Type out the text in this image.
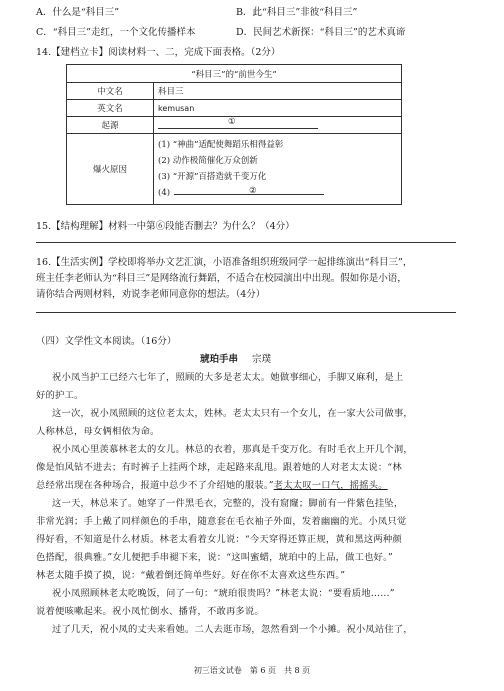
A．什么是“科目三”	B．此“科目三”非彼“科目三”
C．“科目三”走红，一个文化传播样本	D．民间艺术新探：“科目三”的艺术真谛
14.【建档立卡】阅读材料一、二，完成下面表格。（2分）
“科目三”的“前世今生”	
中文名	科目三
英文名	kemusan
起源	①

爆火原因	(1) “神曲”适配使舞蹈乐相得益彰
(2) 动作极简催化万众创新
(3) “开源”百搭造就千变万化
(4) ②
15.【结构理解】材料一中第⑥段能否删去？为什么？（4分）
16.【生活实例】学校即将举办文艺汇演，小语准备组织班级同学一起排练演出“科目三”，
班主任李老师认为“科目三”是网络流行舞蹈，不适合在校园演出中出现。假如你是小语，
请你结合两则材料，劝说李老师同意你的想法。（4分）
（四）文学性文本阅读。（16分）
琥珀手串 宗璞
祝小凤当护工已经六七年了，照顾的大多是老太太。她做事细心，手脚又麻利，是上
好的护工。
这一次，祝小凤照顾的这位老太太，姓林。老太太只有一个女儿，在一家大公司做事，
人称林总，母女俩相依为命。
祝小凤心里羡慕林老太的女儿。林总的衣着，那真是千变万化。有时毛衣上开几个洞，
像是怕风钻不进去；有时裤子上挂两个球，走起路来乱甩。跟着她的人对老太太说：“林
总经常出现在各种场合，报道中总少不了介绍她的服装。”老太太叹一口气，摇摇头。
这一天，林总来了。她穿了一件黑毛衣，完整的，没有窟窿；脚前有一件紫色挂坠，
非常光润；手上戴了同样颜色的手串，随意套在毛衣袖子外面，发着幽幽的光。小凤只觉
得好看，不知道是什么材质。林老太看着女儿说：“今天穿得还算正规，黄和黑这两种颜
色搭配，很典雅。”女儿便把手串褪下来，说：“这叫蜜蜡，琥珀中的上品，做工也好。”
林老太随手摸了摸，说：“戴着倒还简单些好。好在你不太喜欢这些东西。”
祝小凤照顾林老太吃晚饭，问了一句：“琥珀很贵吗？”林老太说：“要看质地……”
说着便咳嗽起来。祝小凤忙倒水、播背，不敢再多说。
过了几天，祝小凤的丈夫来看她。二人去逛市场，忽然看到一个小摊。祝小凤站住了，
初三语文试卷　第 6 页　共 8 页
